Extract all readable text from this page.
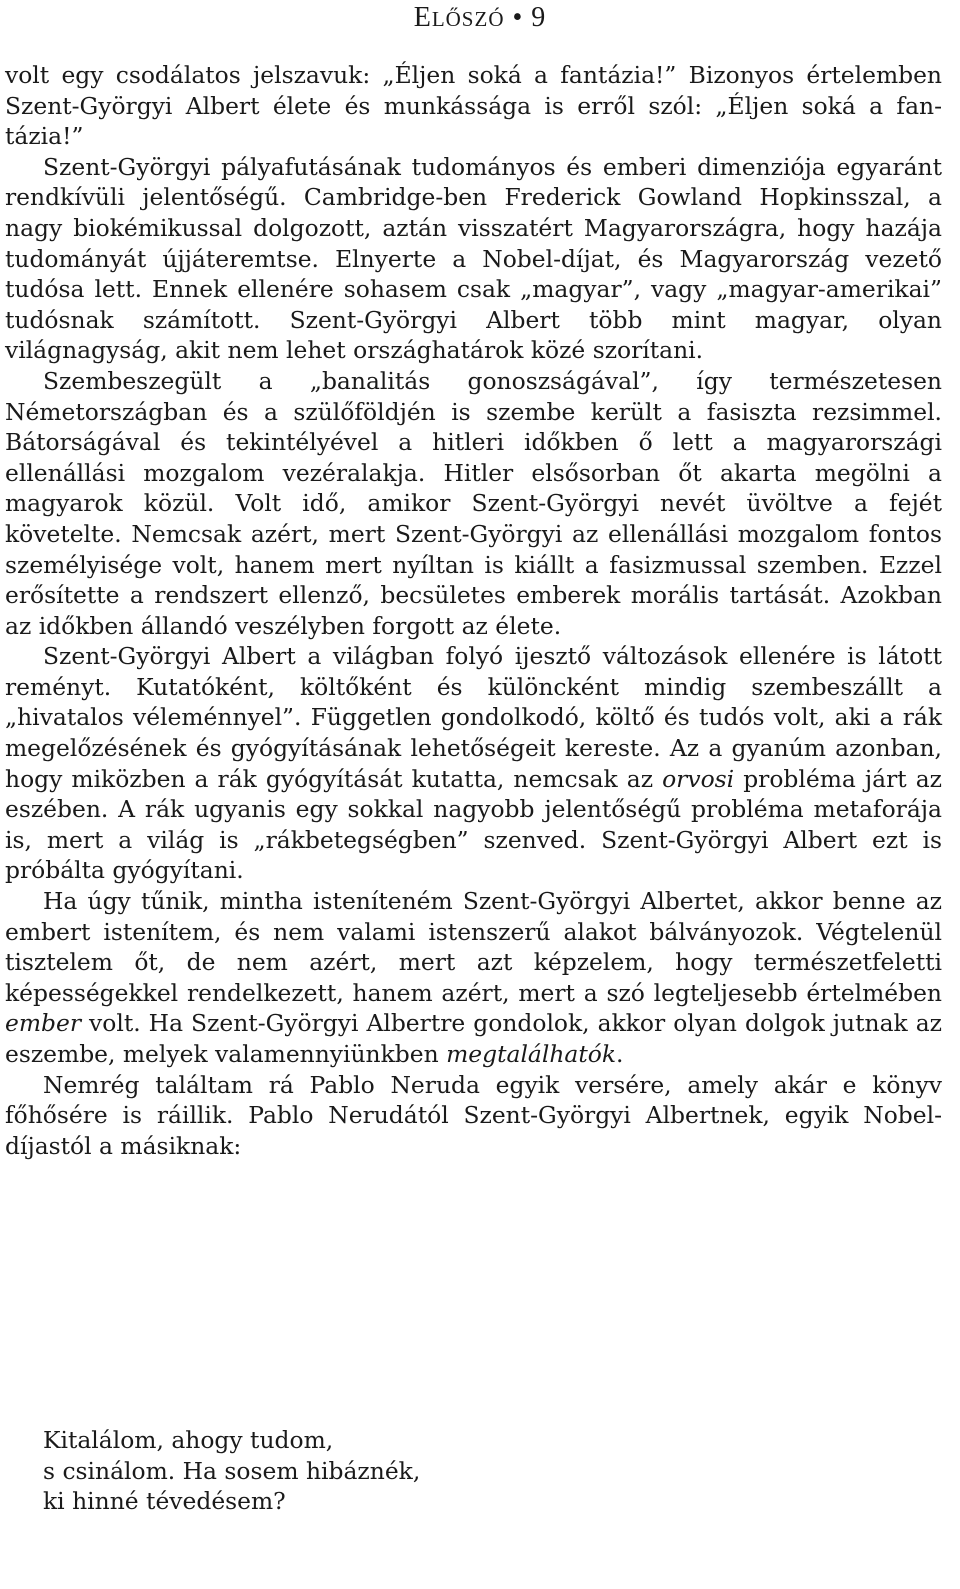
ELŐSZÓ • 9

volt egy csodálatos jelszavuk: „Éljen soká a fantázia!” Bizonyos értelemben Szent-Györgyi Albert élete és munkássága is erről szól: „Éljen soká a fantázia!”

Szent-Györgyi pályafutásának tudományos és emberi dimenziója egyaránt rendkívüli jelentőségű. Cambridge-ben Frederick Gowland Hopkinsszal, a nagy biokémikussal dolgozott, aztán visszatért Magyarországra, hogy hazája tudományát újjáteremtse. Elnyerte a Nobel-díjat, és Magyarország vezető tudósa lett. Ennek ellenére sohasem csak „magyar”, vagy „magyar-amerikai” tudósnak számított. Szent-Györgyi Albert több mint magyar, olyan világnagyság, akit nem lehet országhatárok közé szorítani.

Szembeszegült a „banalitás gonoszságával”, így természetesen Németországban és a szülőföldjén is szembe került a fasiszta rezsimmel. Bátorságával és tekintélyével a hitleri időkben ő lett a magyarországi ellenállási mozgalom vezéralakja. Hitler elsősorban őt akarta megölni a magyarok közül. Volt idő, amikor Szent-Györgyi nevét üvöltve a fejét követelte. Nemcsak azért, mert Szent-Györgyi az ellenállási mozgalom fontos személyisége volt, hanem mert nyíltan is kiállt a fasizmussal szemben. Ezzel erősítette a rendszert ellenző, becsületes emberek morális tartását. Azokban az időkben állandó veszélyben forgott az élete.

Szent-Györgyi Albert a világban folyó ijesztő változások ellenére is látott reményt. Kutatóként, költőként és különcként mindig szembeszállt a „hivatalos véleménnyel”. Független gondolkodó, költő és tudós volt, aki a rák megelőzésének és gyógyításának lehetőségeit kereste. Az a gyanúm azonban, hogy miközben a rák gyógyítását kutatta, nemcsak az orvosi probléma járt az eszében. A rák ugyanis egy sokkal nagyobb jelentőségű probléma metaforája is, mert a világ is „rákbetegségben” szenved. Szent-Györgyi Albert ezt is próbálta gyógyítani.

Ha úgy tűnik, mintha isteníteném Szent-Györgyi Albertet, akkor benne az embert istenítem, és nem valami istenszerű alakot bálványozok. Végtelenül tisztelem őt, de nem azért, mert azt képzelem, hogy természetfeletti képességekkel rendelkezett, hanem azért, mert a szó legteljesebb értelmében ember volt. Ha Szent-Györgyi Albertre gondolok, akkor olyan dolgok jutnak az eszembe, melyek valamennyiünkben megtalálhatók.

Nemrég találtam rá Pablo Neruda egyik versére, amely akár e könyv főhősére is ráillik. Pablo Nerudától Szent-Györgyi Albertnek, egyik Nobeldíjastól a másiknak:

Kitalálom, ahogy tudom,
s csinálom. Ha sosem hibáznék,
ki hinné tévedésem?
